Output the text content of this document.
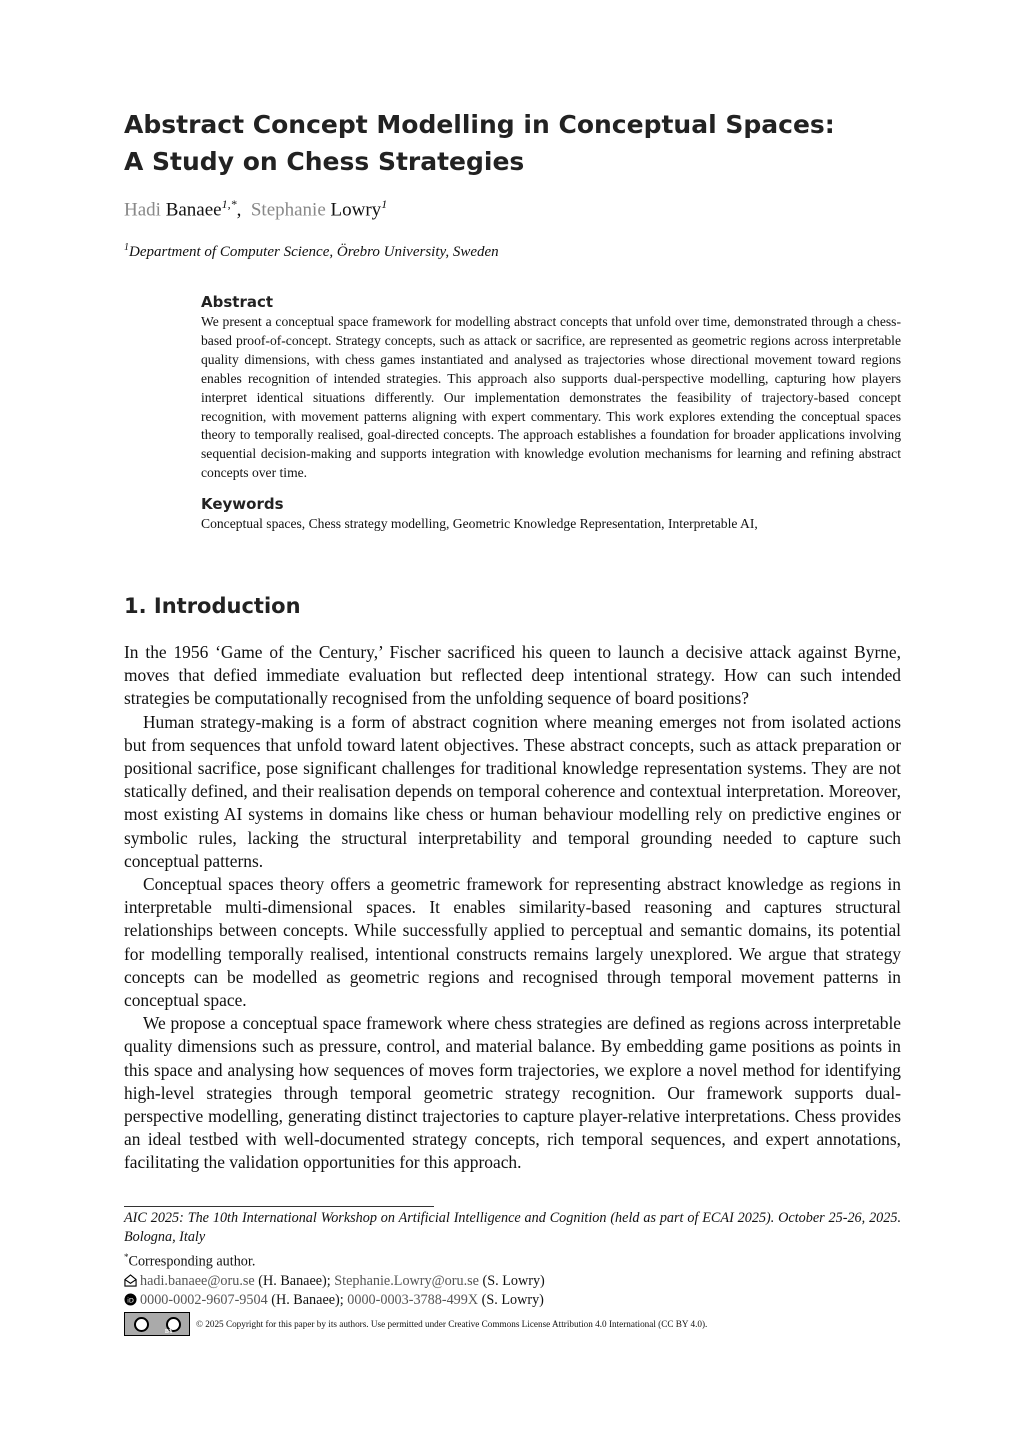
Abstract Concept Modelling in Conceptual Spaces:
A Study on Chess Strategies
Hadi Banaee$^{1,*}$,  Stephanie Lowry$^1$
$^1$Department of Computer Science, Örebro University, Sweden
Abstract

We present a conceptual space framework for modelling abstract concepts that unfold over time, demonstrated through a chess-based proof-of-concept. Strategy concepts, such as attack or sacrifice, are represented as geometric regions across interpretable quality dimensions, with chess games instantiated and analysed as trajectories whose directional movement toward regions enables recognition of intended strategies. This approach also supports dual-perspective modelling, capturing how players interpret identical situations differently. Our implementation demonstrates the feasibility of trajectory-based concept recognition, with movement patterns aligning with expert commentary. This work explores extending the conceptual spaces theory to temporally realised, goal-directed concepts. The approach establishes a foundation for broader applications involving sequential decision-making and supports integration with knowledge evolution mechanisms for learning and refining abstract concepts over time.

Keywords

Conceptual spaces, Chess strategy modelling, Geometric Knowledge Representation, Interpretable AI,

1. Introduction

In the 1956 ‘Game of the Century,’ Fischer sacrificed his queen to launch a decisive attack against Byrne, moves that defied immediate evaluation but reflected deep intentional strategy. How can such intended strategies be computationally recognised from the unfolding sequence of board positions?

Human strategy-making is a form of abstract cognition where meaning emerges not from isolated actions but from sequences that unfold toward latent objectives. These abstract concepts, such as attack preparation or positional sacrifice, pose significant challenges for traditional knowledge representation systems. They are not statically defined, and their realisation depends on temporal coherence and contextual interpretation. Moreover, most existing AI systems in domains like chess or human behaviour modelling rely on predictive engines or symbolic rules, lacking the structural interpretability and temporal grounding needed to capture such conceptual patterns.

Conceptual spaces theory offers a geometric framework for representing abstract knowledge as regions in interpretable multi-dimensional spaces. It enables similarity-based reasoning and captures structural relationships between concepts. While successfully applied to perceptual and semantic domains, its potential for modelling temporally realised, intentional constructs remains largely unexplored. We argue that strategy concepts can be modelled as geometric regions and recognised through temporal movement patterns in conceptual space.

We propose a conceptual space framework where chess strategies are defined as regions across interpretable quality dimensions such as pressure, control, and material balance. By embedding game positions as points in this space and analysing how sequences of moves form trajectories, we explore a novel method for identifying high-level strategies through temporal geometric strategy recognition. Our framework supports dual-perspective modelling, generating distinct trajectories to capture player-relative interpretations. Chess provides an ideal testbed with well-documented strategy concepts, rich temporal sequences, and expert annotations, facilitating the validation opportunities for this approach.

AIC 2025: The 10th International Workshop on Artificial Intelligence and Cognition (held as part of ECAI 2025). October 25-26, 2025. Bologna, Italy
*Corresponding author.
hadi.banaee@oru.se (H. Banaee); Stephanie.Lowry@oru.se (S. Lowry)
iD 0000-0002-9607-9504 (H. Banaee); 0000-0003-3788-499X (S. Lowry)
BY
© 2025 Copyright for this paper by its authors. Use permitted under Creative Commons License Attribution 4.0 International (CC BY 4.0).
